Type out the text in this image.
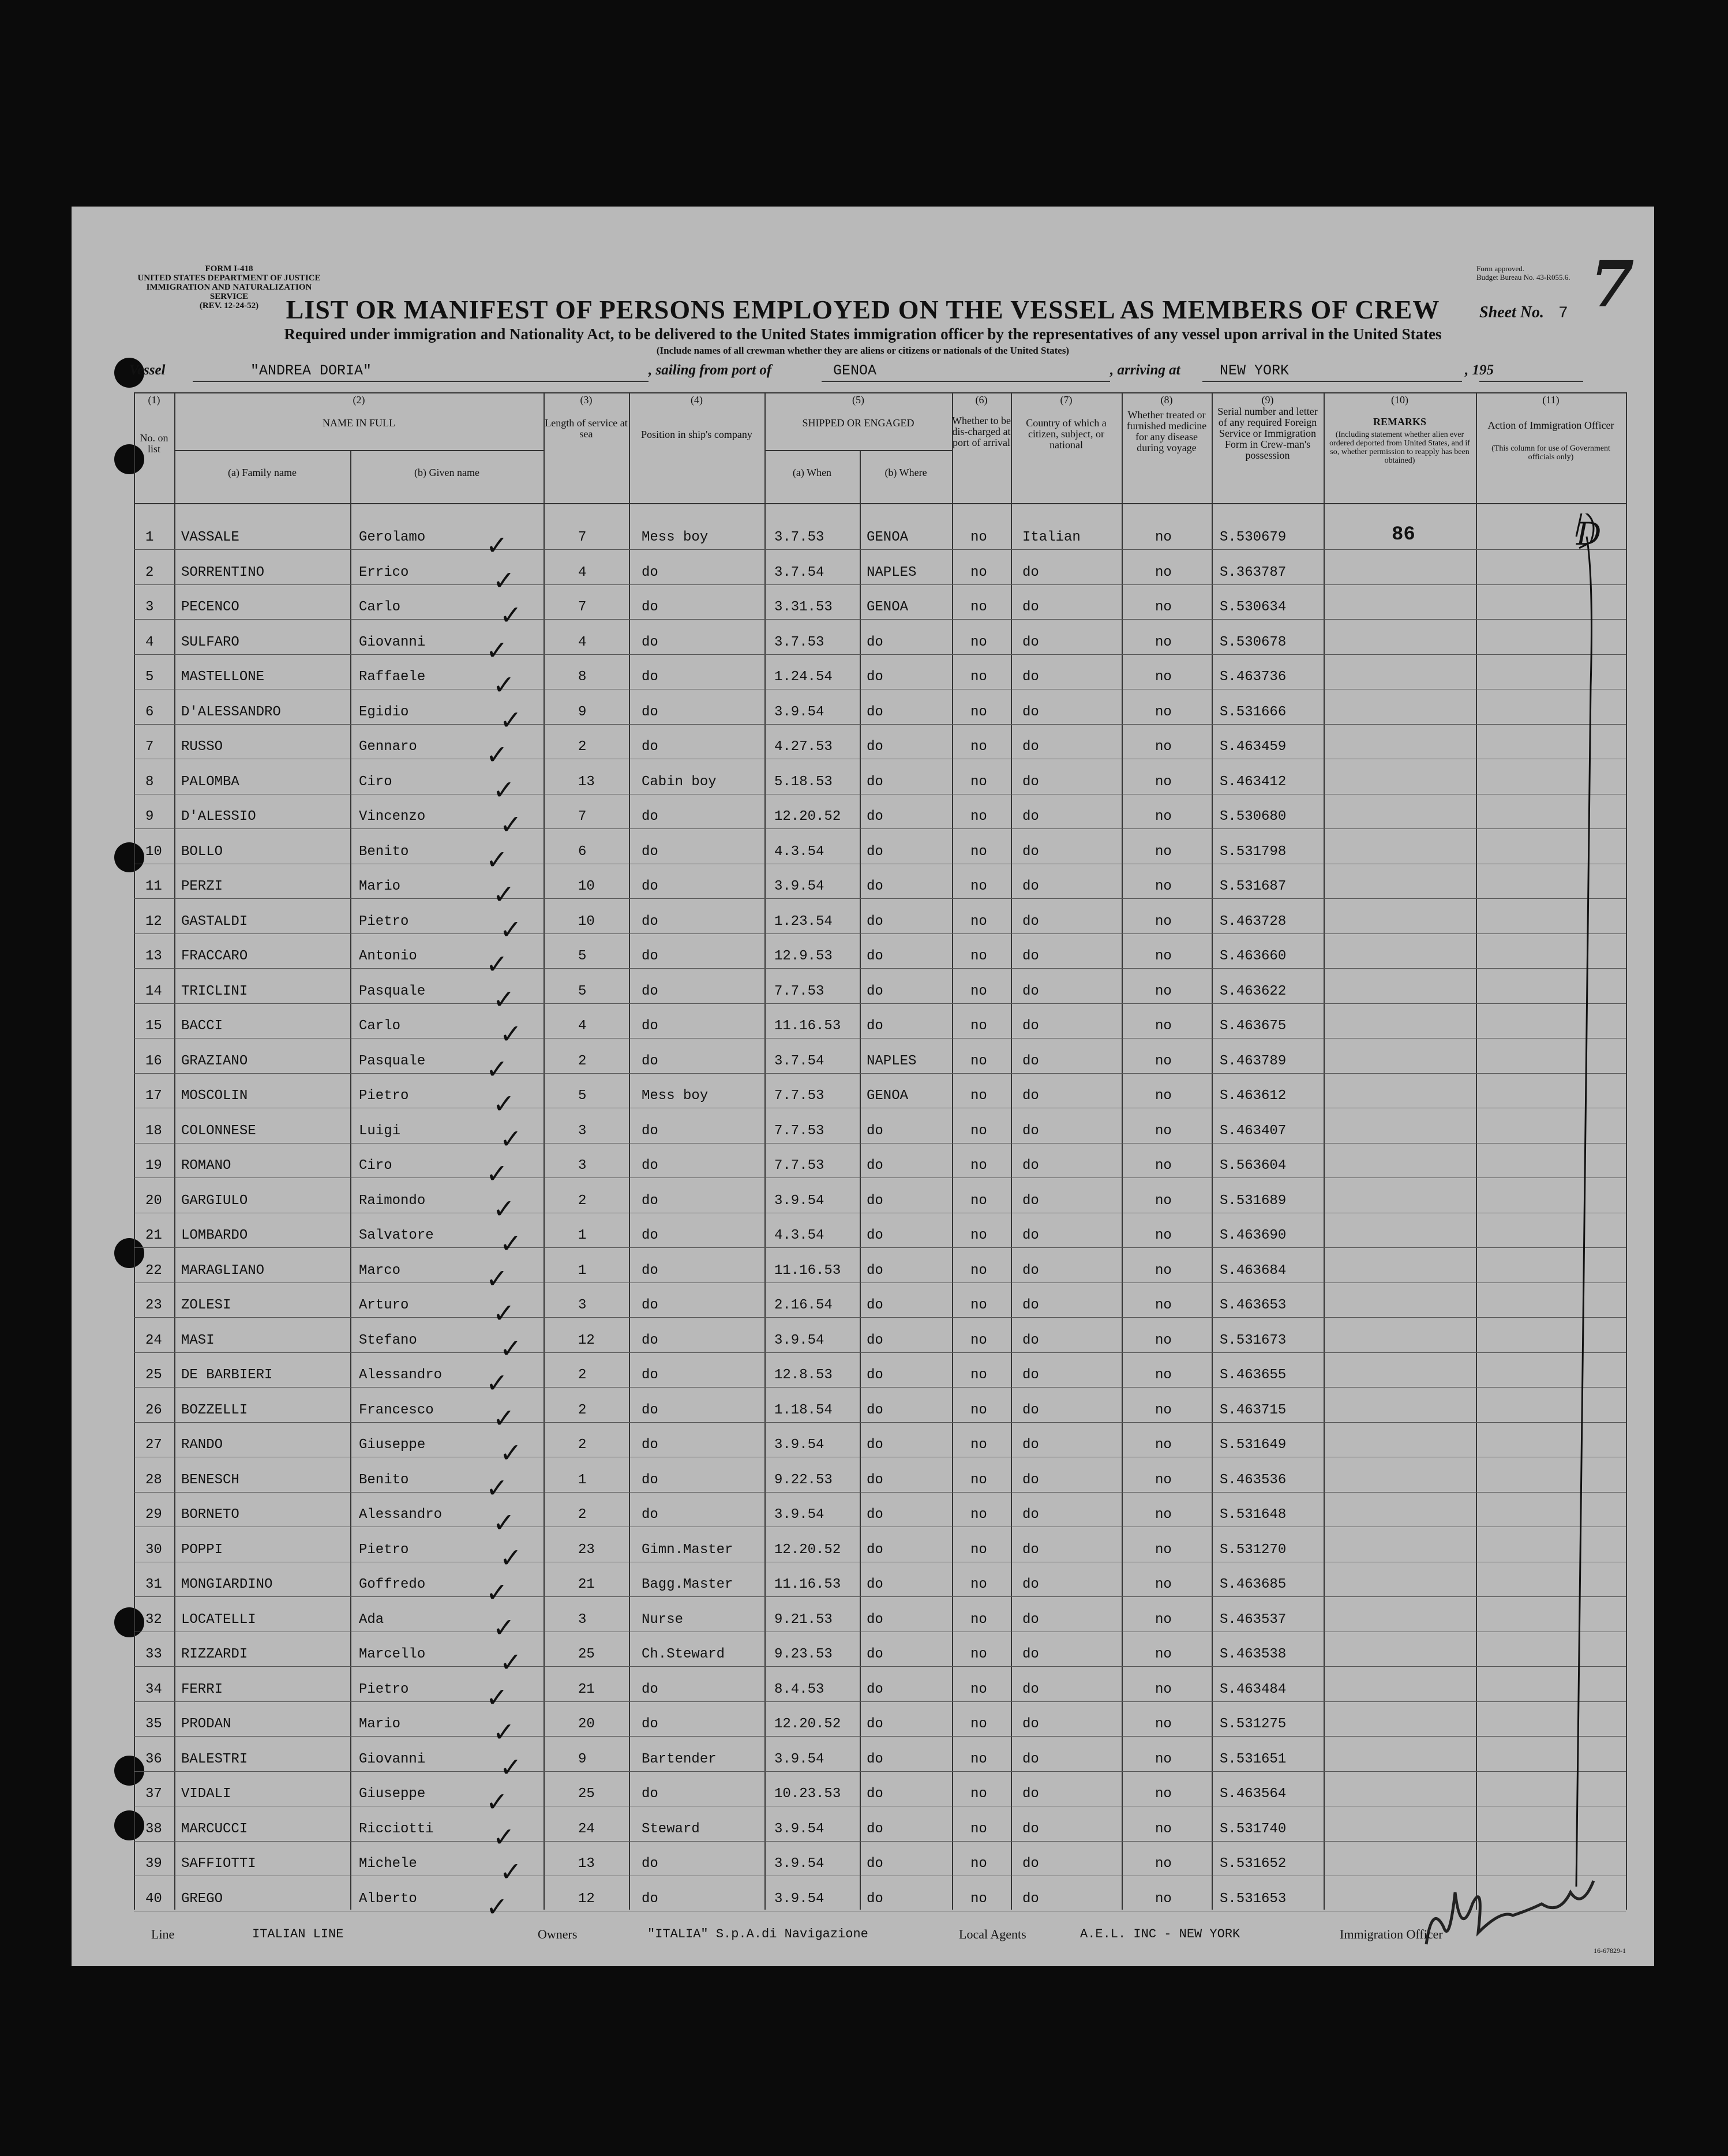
FORM I-418
UNITED STATES DEPARTMENT OF JUSTICE
IMMIGRATION AND NATURALIZATION SERVICE
(REV. 12-24-52)
Form approved.
Budget Bureau No. 43-R055.6. 7
LIST OR MANIFEST OF PERSONS EMPLOYED ON THE VESSEL AS MEMBERS OF CREW	Sheet No. 7
Required under immigration and Nationality Act, to be delivered to the United States immigration officer by the representatives of any vessel upon arrival in the United States
(Include names of all crewman whether they are aliens or citizens or nationals of the United States)
Vessel	"ANDREA DORIA"	, sailing from port of	GENOA	, arriving at	NEW YORK	, 195
(1)
No. on list
(2)
NAME IN FULL
(a) Family name	(b) Given name
(3)
Length of service at sea
(4)
Position in ship's company
(5)
SHIPPED OR ENGAGED
(a) When	(b) Where
(6)
Whether to be dis-charged at port of arrival
(7)
Country of which a citizen, subject, or national
(8)
Whether treated or furnished medicine for any disease during voyage
(9)
Serial number and letter of any required Foreign Service or Immigration Form in Crew-man's possession
(10)
REMARKS
(Including statement whether alien ever ordered deported from United States, and if so, whether permission to reapply has been obtained)
(11)
Action of Immigration Officer
(This column for use of Government officials only)
1 VASSALE	Gerolamo	7	Mess boy	3.7.53	GENOA	no	Italian	no	S.530679	86
✓
2 SORRENTINO	Errico	4	do	3.7.54	NAPLES	no	do	no	S.363787
✓
3 PECENCO	Carlo	7	do	3.31.53 GENOA	no	do	no	S.530634
✓
4 SULFARO	Giovanni	4	do	3.7.53	do	no	do	no	S.530678
✓
5 MASTELLONE	Raffaele	8	do	1.24.54 do	no	do	no	S.463736
✓
6 D'ALESSANDRO	Egidio	9	do	3.9.54	do	no	do	no	S.531666
✓
7 RUSSO	Gennaro	2	do	4.27.53 do	no	do	no	S.463459
✓
8 PALOMBA	Ciro	13	Cabin boy	5.18.53 do	no	do	no	S.463412
✓
9 D'ALESSIO	Vincenzo	7	do	12.20.52 do	no	do	no	S.530680
✓
10 BOLLO	Benito	6	do	4.3.54	do	no	do	no	S.531798
✓
11 PERZI	Mario	10	do	3.9.54	do	no	do	no	S.531687
✓
12 GASTALDI	Pietro	10	do	1.23.54 do	no	do	no	S.463728
✓
13 FRACCARO	Antonio	5	do	12.9.53 do	no	do	no	S.463660
✓
14 TRICLINI	Pasquale	5	do	7.7.53	do	no	do	no	S.463622
✓
15 BACCI	Carlo	4	do	11.16.53 do	no	do	no	S.463675
✓
16 GRAZIANO	Pasquale	2	do	3.7.54	NAPLES	no	do	no	S.463789
✓
17 MOSCOLIN	Pietro	5	Mess boy	7.7.53	GENOA	no	do	no	S.463612
✓
18 COLONNESE	Luigi	3	do	7.7.53	do	no	do	no	S.463407
✓
19 ROMANO	Ciro	3	do	7.7.53	do	no	do	no	S.563604
✓
20 GARGIULO	Raimondo	2	do	3.9.54	do	no	do	no	S.531689
✓
21 LOMBARDO	Salvatore	1	do	4.3.54	do	no	do	no	S.463690
✓
22 MARAGLIANO	Marco	1	do	11.16.53 do	no	do	no	S.463684
✓
23 ZOLESI	Arturo	3	do	2.16.54 do	no	do	no	S.463653
✓
24 MASI	Stefano	12	do	3.9.54	do	no	do	no	S.531673
✓
25 DE BARBIERI	Alessandro	2	do	12.8.53 do	no	do	no	S.463655
✓
26 BOZZELLI	Francesco	2	do	1.18.54 do	no	do	no	S.463715
✓
27 RANDO	Giuseppe	2	do	3.9.54	do	no	do	no	S.531649
✓
28 BENESCH	Benito	1	do	9.22.53 do	no	do	no	S.463536
✓
29 BORNETO	Alessandro	2	do	3.9.54	do	no	do	no	S.531648
✓
30 POPPI	Pietro	23	Gimn.Master	12.20.52 do	no	do	no	S.531270
✓
31 MONGIARDINO	Goffredo	21	Bagg.Master	11.16.53 do	no	do	no	S.463685
✓
32 LOCATELLI	Ada	3	Nurse	9.21.53 do	no	do	no	S.463537
✓
33 RIZZARDI	Marcello	25	Ch.Steward	9.23.53 do	no	do	no	S.463538
✓
34 FERRI	Pietro	21	do	8.4.53	do	no	do	no	S.463484
✓
35 PRODAN	Mario	20	do	12.20.52 do	no	do	no	S.531275
✓
36 BALESTRI	Giovanni	9	Bartender	3.9.54	do	no	do	no	S.531651
✓
37 VIDALI	Giuseppe	25	do	10.23.53 do	no	do	no	S.463564
✓
38 MARCUCCI	Ricciotti	24	Steward	3.9.54	do	no	do	no	S.531740
✓
39 SAFFIOTTI	Michele	13	do	3.9.54	do	no	do	no	S.531652
✓
40 GREGO	Alberto	12	do	3.9.54	do	no	do	no	S.531653
✓
D
Line	ITALIAN LINE	Owners	"ITALIA" S.p.A.di Navigazione	Local Agents	A.E.L. INC - NEW YORK	Immigration Officer
16-67829-1
